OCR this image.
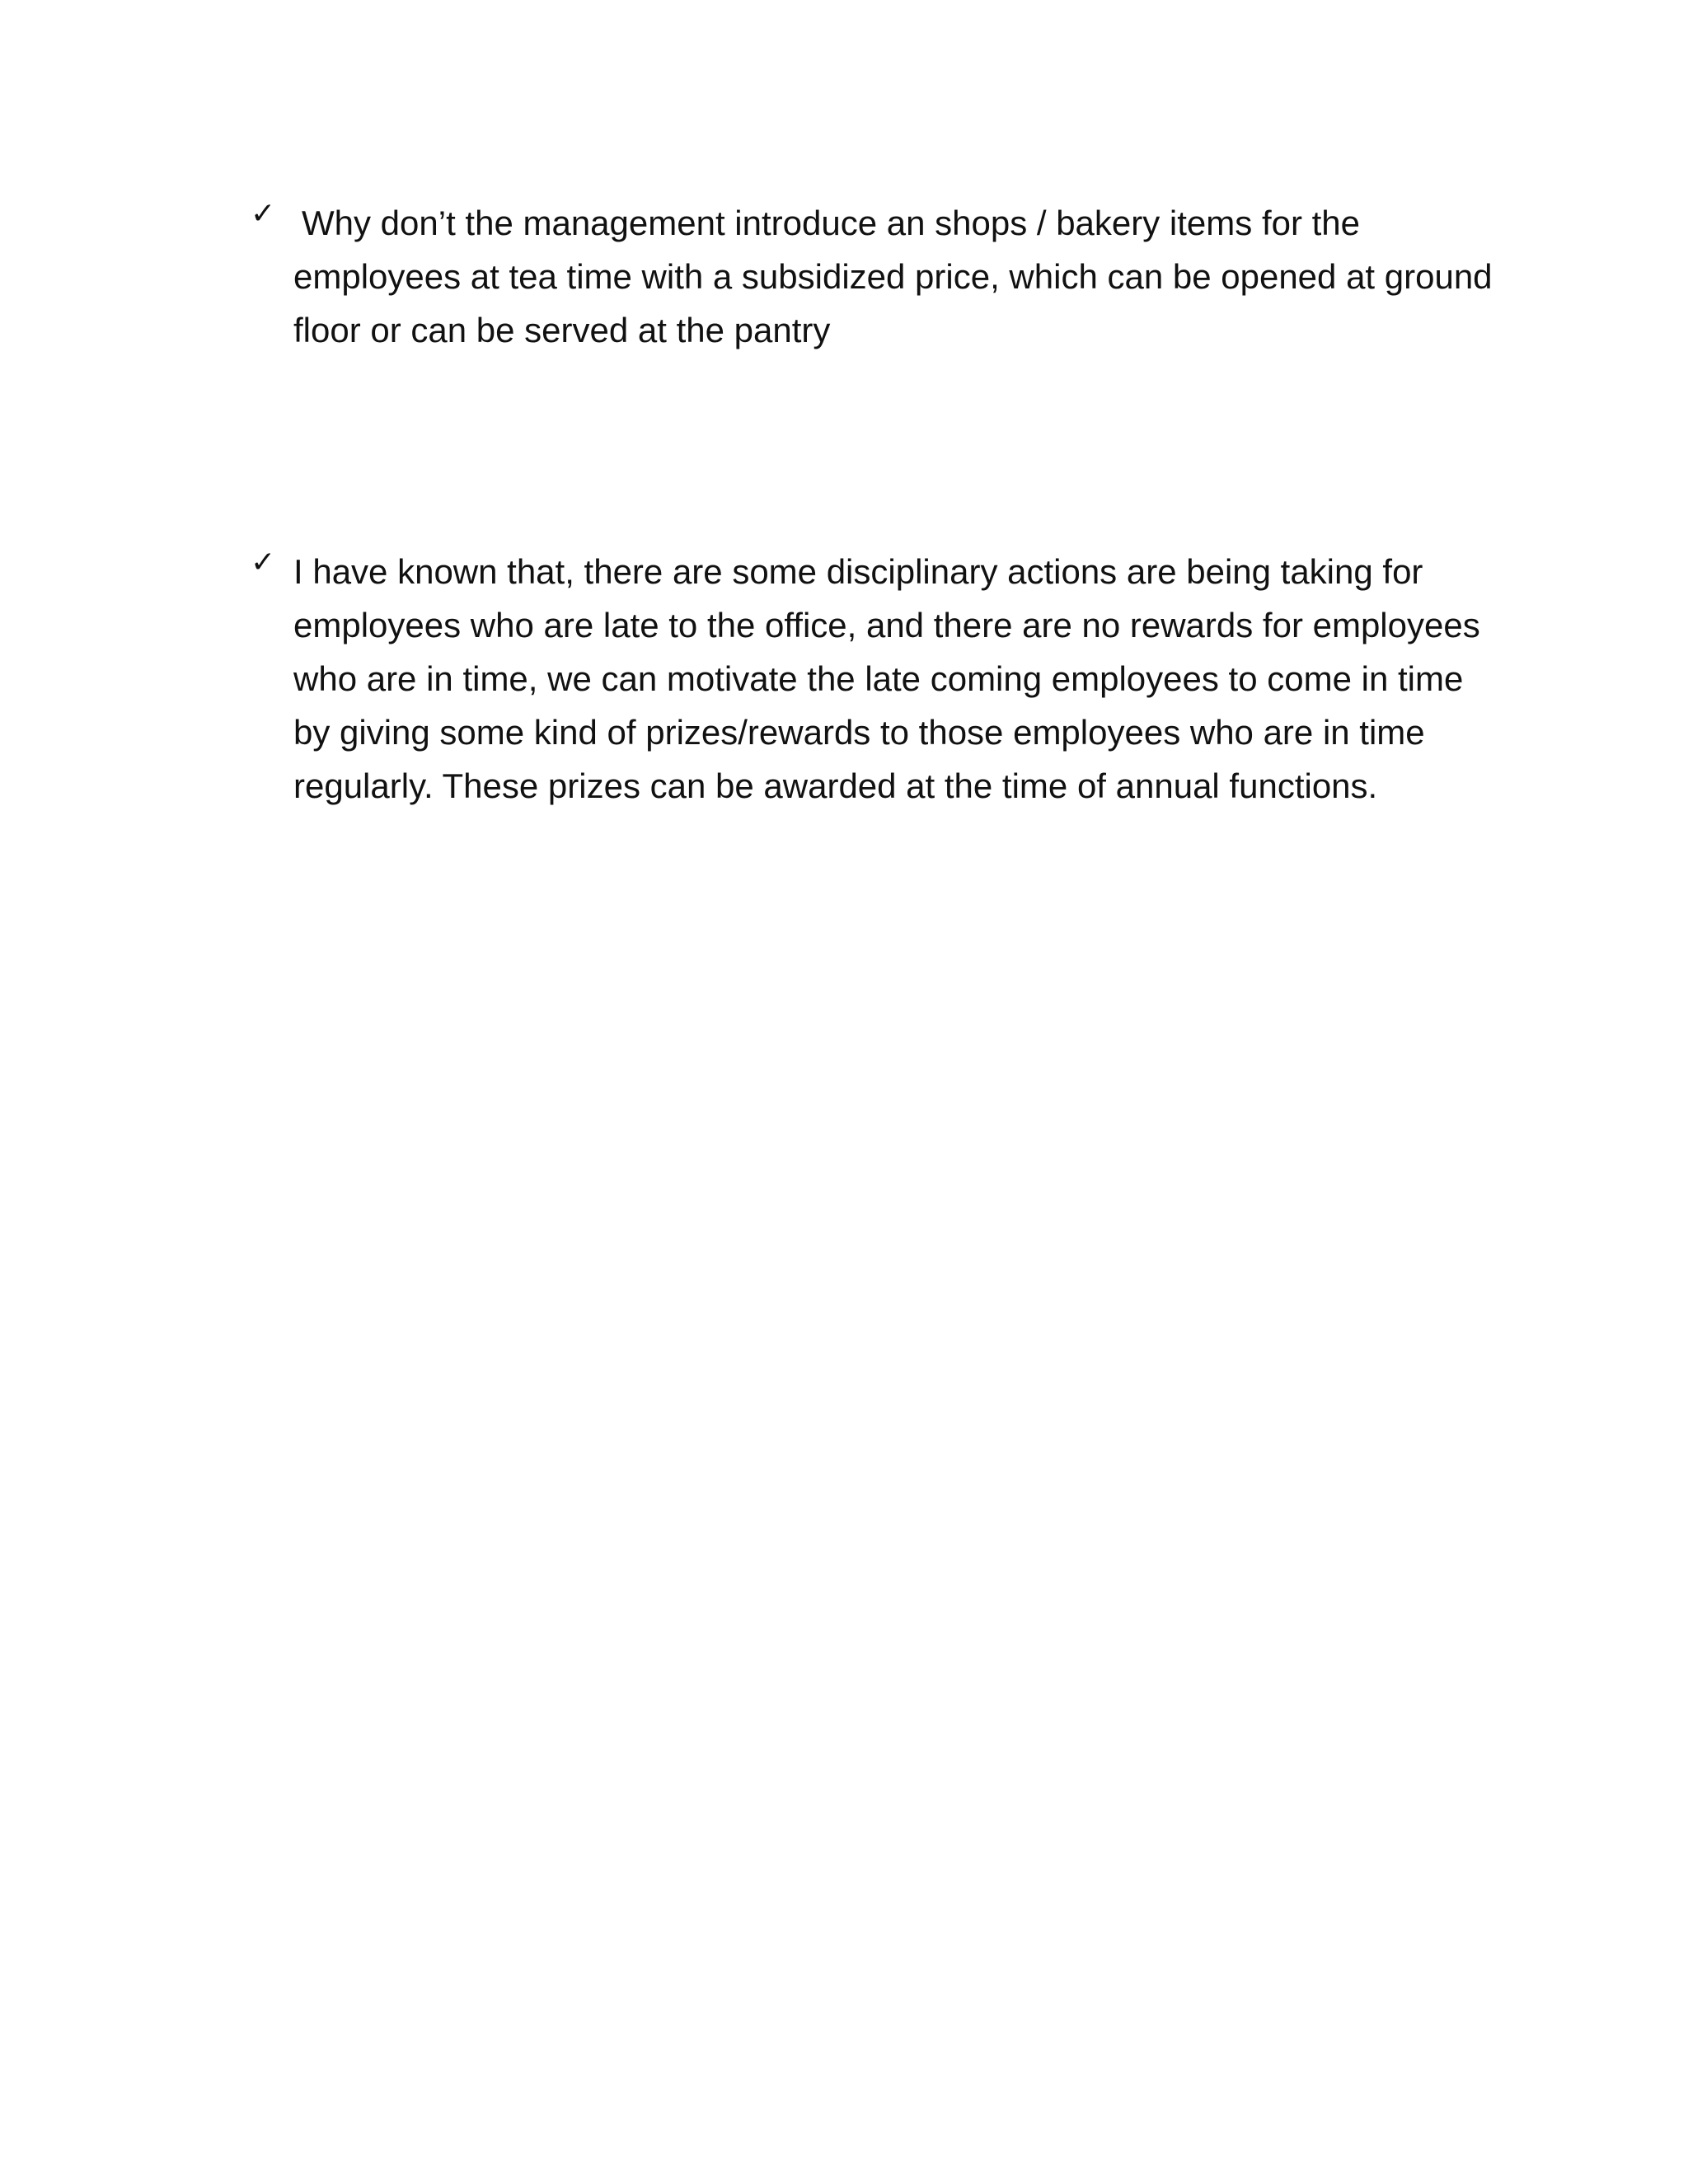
✓ Why don’t the management introduce an shops / bakery items for the employees at tea time with a subsidized price, which can be opened at ground floor or can be served at the pantry
✓ I have known that, there are some disciplinary actions are being taking for employees who are late to the office, and there are no rewards for employees who are in time, we can motivate the late coming employees to come in time by giving some kind of prizes/rewards to those employees who are in time regularly. These prizes can be awarded at the time of annual functions.
